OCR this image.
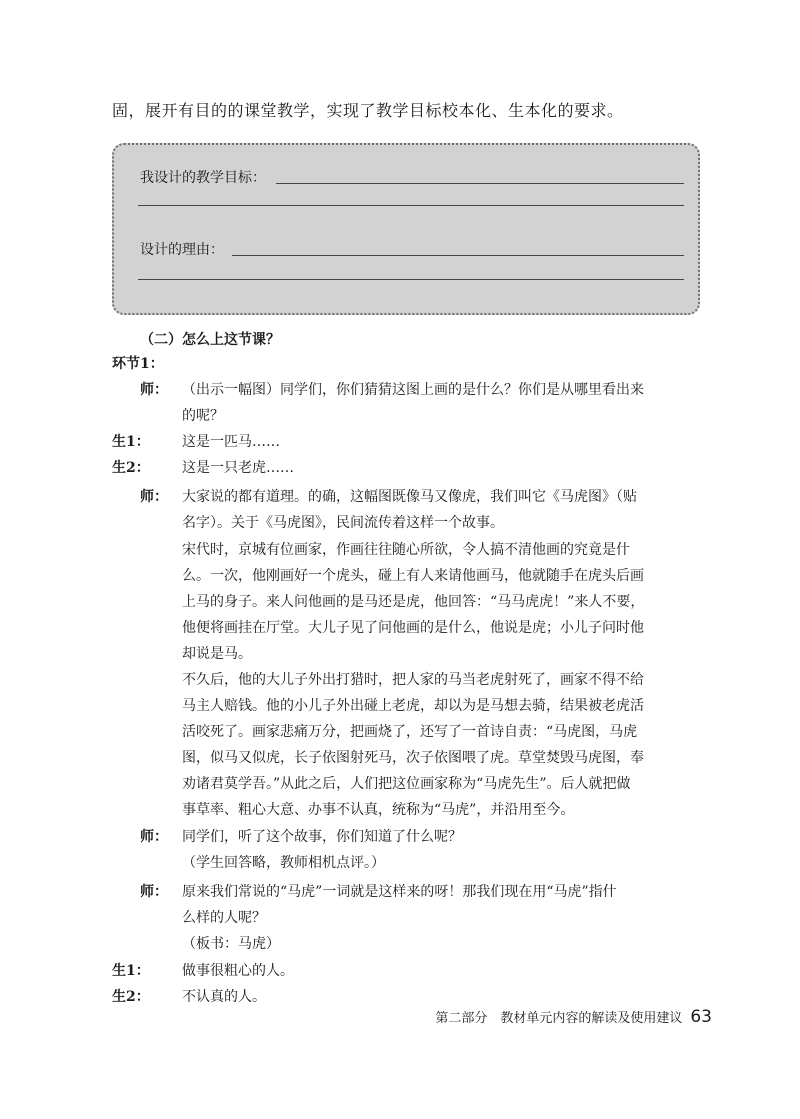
固，展开有目的的课堂教学，实现了教学目标校本化、生本化的要求。
我设计的教学目标：
设计的理由：
（二）怎么上这节课？
环节1：
师： （出示一幅图）同学们，你们猜猜这图上画的是什么？你们是从哪里看出来
的呢？
生1： 这是一匹马……
生2： 这是一只老虎……
师： 大家说的都有道理。的确，这幅图既像马又像虎，我们叫它《马虎图》（贴
名字）。关于《马虎图》，民间流传着这样一个故事。
宋代时，京城有位画家，作画往往随心所欲，令人搞不清他画的究竟是什
么。一次，他刚画好一个虎头，碰上有人来请他画马，他就随手在虎头后画
上马的身子。来人问他画的是马还是虎，他回答：“马马虎虎！”来人不要，
他便将画挂在厅堂。大儿子见了问他画的是什么，他说是虎；小儿子问时他
却说是马。
不久后，他的大儿子外出打猎时，把人家的马当老虎射死了，画家不得不给
马主人赔钱。他的小儿子外出碰上老虎，却以为是马想去骑，结果被老虎活
活咬死了。画家悲痛万分，把画烧了，还写了一首诗自责：“马虎图，马虎
图，似马又似虎，长子依图射死马，次子依图喂了虎。草堂焚毁马虎图，奉
劝诸君莫学吾。”从此之后，人们把这位画家称为“马虎先生”。后人就把做
事草率、粗心大意、办事不认真，统称为“马虎”，并沿用至今。
师： 同学们，听了这个故事，你们知道了什么呢？
（学生回答略，教师相机点评。）
师： 原来我们常说的“马虎”一词就是这样来的呀！那我们现在用“马虎”指什
么样的人呢？
（板书：马虎）
生1： 做事很粗心的人。
生2： 不认真的人。
第二部分　教材单元内容的解读及使用建议 63
